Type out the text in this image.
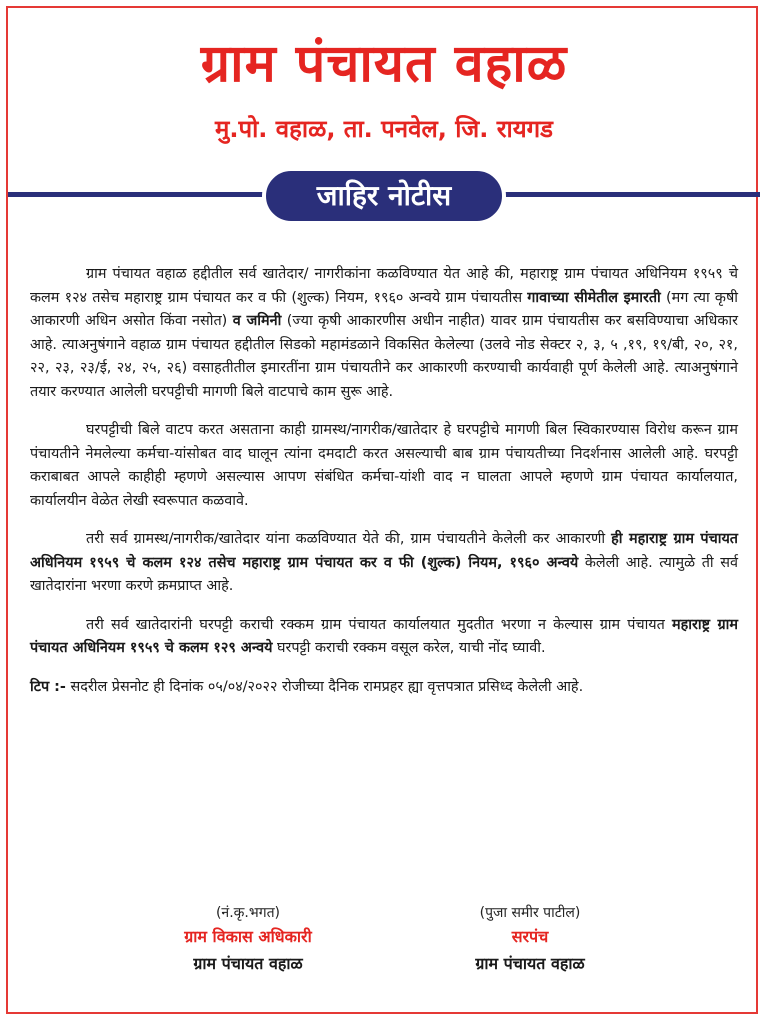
ग्राम पंचायत वहाळ
मु.पो. वहाळ, ता. पनवेल, जि. रायगड
जाहिर नोटीस

ग्राम पंचायत वहाळ हद्दीतील सर्व खातेदार/ नागरीकांना कळविण्यात येत आहे की, महाराष्ट्र ग्राम पंचायत अधिनियम १९५९ चे कलम १२४ तसेच महाराष्ट्र ग्राम पंचायत कर व फी (शुल्क) नियम, १९६० अन्वये ग्राम पंचायतीस गावाच्या सीमेतील इमारती (मग त्या कृषी आकारणी अधिन असोत किंवा नसोत) व जमिनी (ज्या कृषी आकारणीस अधीन नाहीत) यावर ग्राम पंचायतीस कर बसविण्याचा अधिकार आहे. त्याअनुषंगाने वहाळ ग्राम पंचायत हद्दीतील सिडको महामंडळाने विकसित केलेल्या (उलवे नोड सेक्टर २, ३, ५ ,१९, १९/बी, २०, २१, २२, २३, २३/ई, २४, २५, २६) वसाहतीतील इमारतींना ग्राम पंचायतीने कर आकारणी करण्याची कार्यवाही पूर्ण केलेली आहे. त्याअनुषंगाने तयार करण्यात आलेली घरपट्टीची मागणी बिले वाटपाचे काम सुरू आहे.

घरपट्टीची बिले वाटप करत असताना काही ग्रामस्थ/नागरीक/खातेदार हे घरपट्टीचे मागणी बिल स्विकारण्यास विरोध करून ग्राम पंचायतीने नेमलेल्या कर्मचा-यांसोबत वाद घालून त्यांना दमदाटी करत असल्याची बाब ग्राम पंचायतीच्या निदर्शनास आलेली आहे. घरपट्टी कराबाबत आपले काहीही म्हणणे असल्यास आपण संबंधित कर्मचा-यांशी वाद न घालता आपले म्हणणे ग्राम पंचायत कार्यालयात, कार्यालयीन वेळेत लेखी स्वरूपात कळवावे.

तरी सर्व ग्रामस्थ/नागरीक/खातेदार यांना कळविण्यात येते की, ग्राम पंचायतीने केलेली कर आकारणी ही महाराष्ट्र ग्राम पंचायत अधिनियम १९५९ चे कलम १२४ तसेच महाराष्ट्र ग्राम पंचायत कर व फी (शुल्क) नियम, १९६० अन्वये केलेली आहे. त्यामुळे ती सर्व खातेदारांना भरणा करणे क्रमप्राप्त आहे.

तरी सर्व खातेदारांनी घरपट्टी कराची रक्कम ग्राम पंचायत कार्यालयात मुदतीत भरणा न केल्यास ग्राम पंचायत महाराष्ट्र ग्राम पंचायत अधिनियम १९५९ चे कलम १२९ अन्वये घरपट्टी कराची रक्कम वसूल करेल, याची नोंद घ्यावी.

टिप :- सदरील प्रेसनोट ही दिनांक ०५/०४/२०२२ रोजीच्या दैनिक रामप्रहर ह्या वृत्तपत्रात प्रसिध्द केलेली आहे.

(नं.कृ.भगत)
ग्राम विकास अधिकारी
ग्राम पंचायत वहाळ
(पुजा समीर पाटील)
सरपंच
ग्राम पंचायत वहाळ
